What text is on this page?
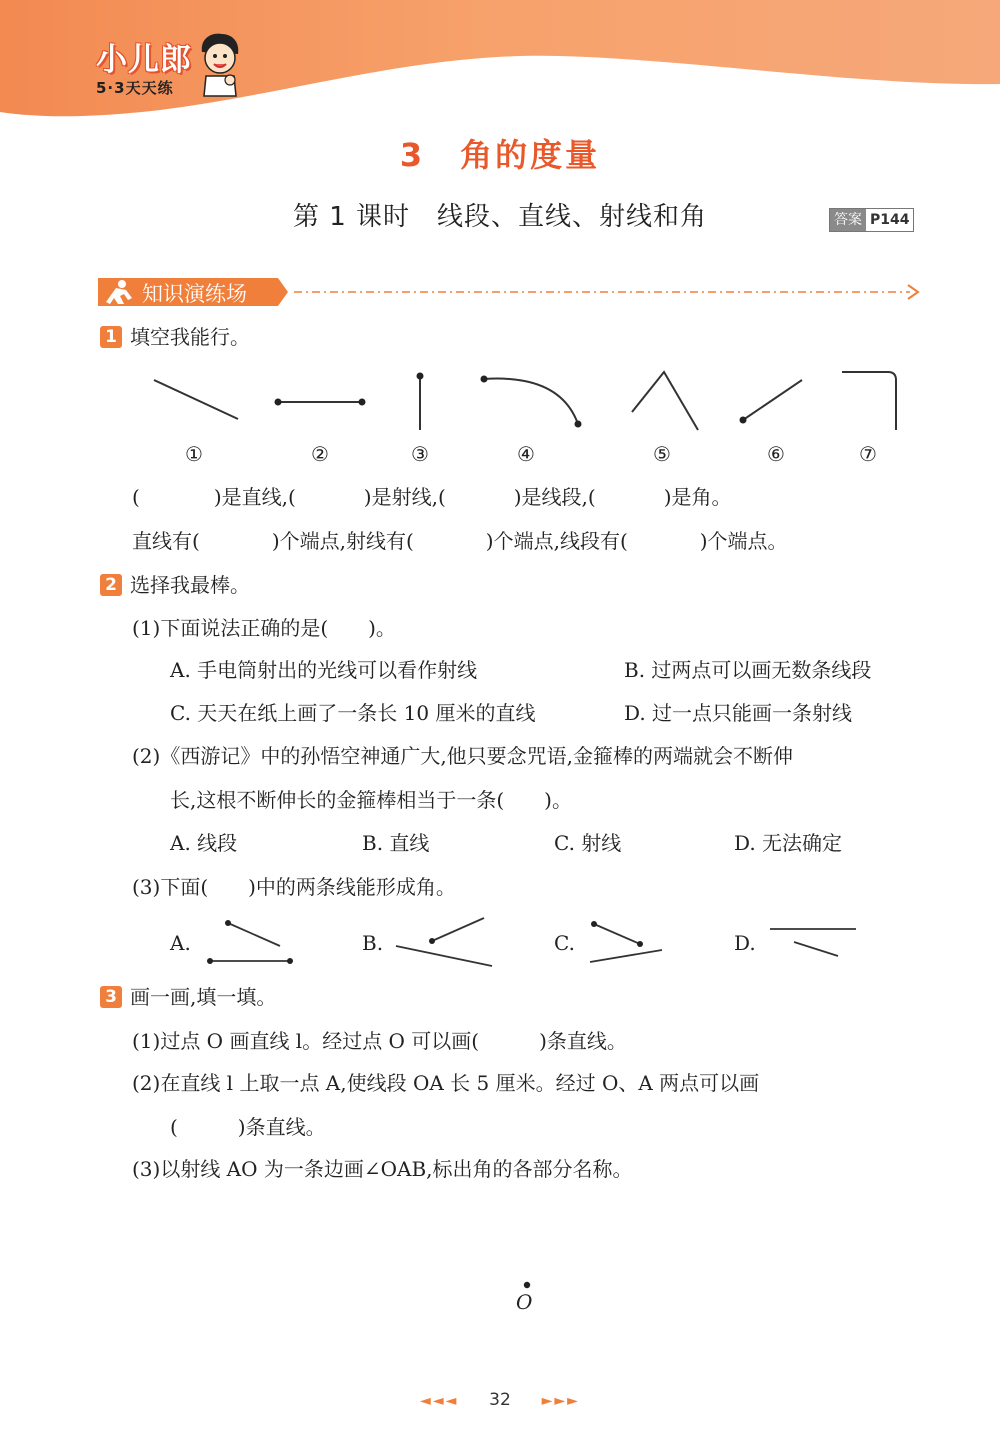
小儿郎
5·3天天练
3　角的度量
第 1 课时　线段、直线、射线和角	答案 P144
知识演练场
1 填空我能行。
①	②	③	④	⑤	⑥	⑦
(	)是直线,(	)是射线,(	)是线段,(	)是角。
直线有(	)个端点,射线有(	)个端点,线段有(	)个端点。
2 选择我最棒。
(1)下面说法正确的是(　　)。
A. 手电筒射出的光线可以看作射线	B. 过两点可以画无数条线段
C. 天天在纸上画了一条长 10 厘米的直线	D. 过一点只能画一条射线
(2)《西游记》中的孙悟空神通广大,他只要念咒语,金箍棒的两端就会不断伸
长,这根不断伸长的金箍棒相当于一条(　　)。
A. 线段	B. 直线	C. 射线	D. 无法确定
(3)下面(　　)中的两条线能形成角。
A.	B.	C.	D.
3 画一画,填一填。
(1)过点 O 画直线 l。经过点 O 可以画(　　　)条直线。
(2)在直线 l 上取一点 A,使线段 OA 长 5 厘米。经过 O、A 两点可以画
(　　　)条直线。
(3)以射线 AO 为一条边画∠OAB,标出角的各部分名称。
O
◄◄◄ 32 ►►►
